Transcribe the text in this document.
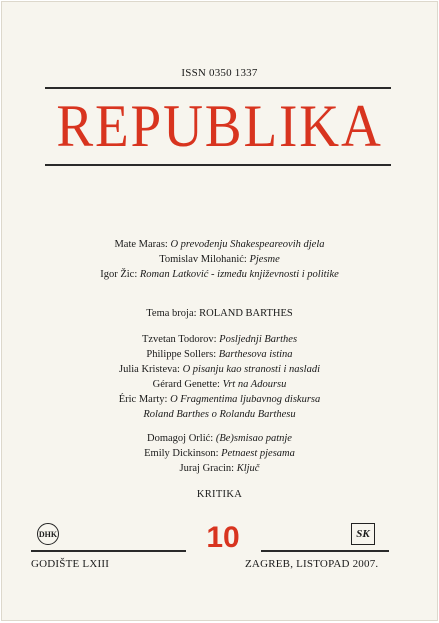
ISSN 0350 1337
REPUBLIKA
Mate Maras: O prevođenju Shakespeareovih djela
Tomislav Milohanić: Pjesme
Igor Žic: Roman Latković - između književnosti i politike
Tema broja: ROLAND BARTHES
Tzvetan Todorov: Posljednji Barthes
Philippe Sollers: Barthesova istina
Julia Kristeva: O pisanju kao stranosti i nasladi
Gérard Genette: Vrt na Adoursu
Éric Marty: O Fragmentima ljubavnog diskursa
Roland Barthes o Rolandu Barthesu
Domagoj Orlić: (Be)smisao patnje
Emily Dickinson: Petnaest pjesama
Juraj Gracin: Ključ
KRITIKA
DHK	SK
10
GODIŠTE LXIII	ZAGREB, LISTOPAD 2007.
